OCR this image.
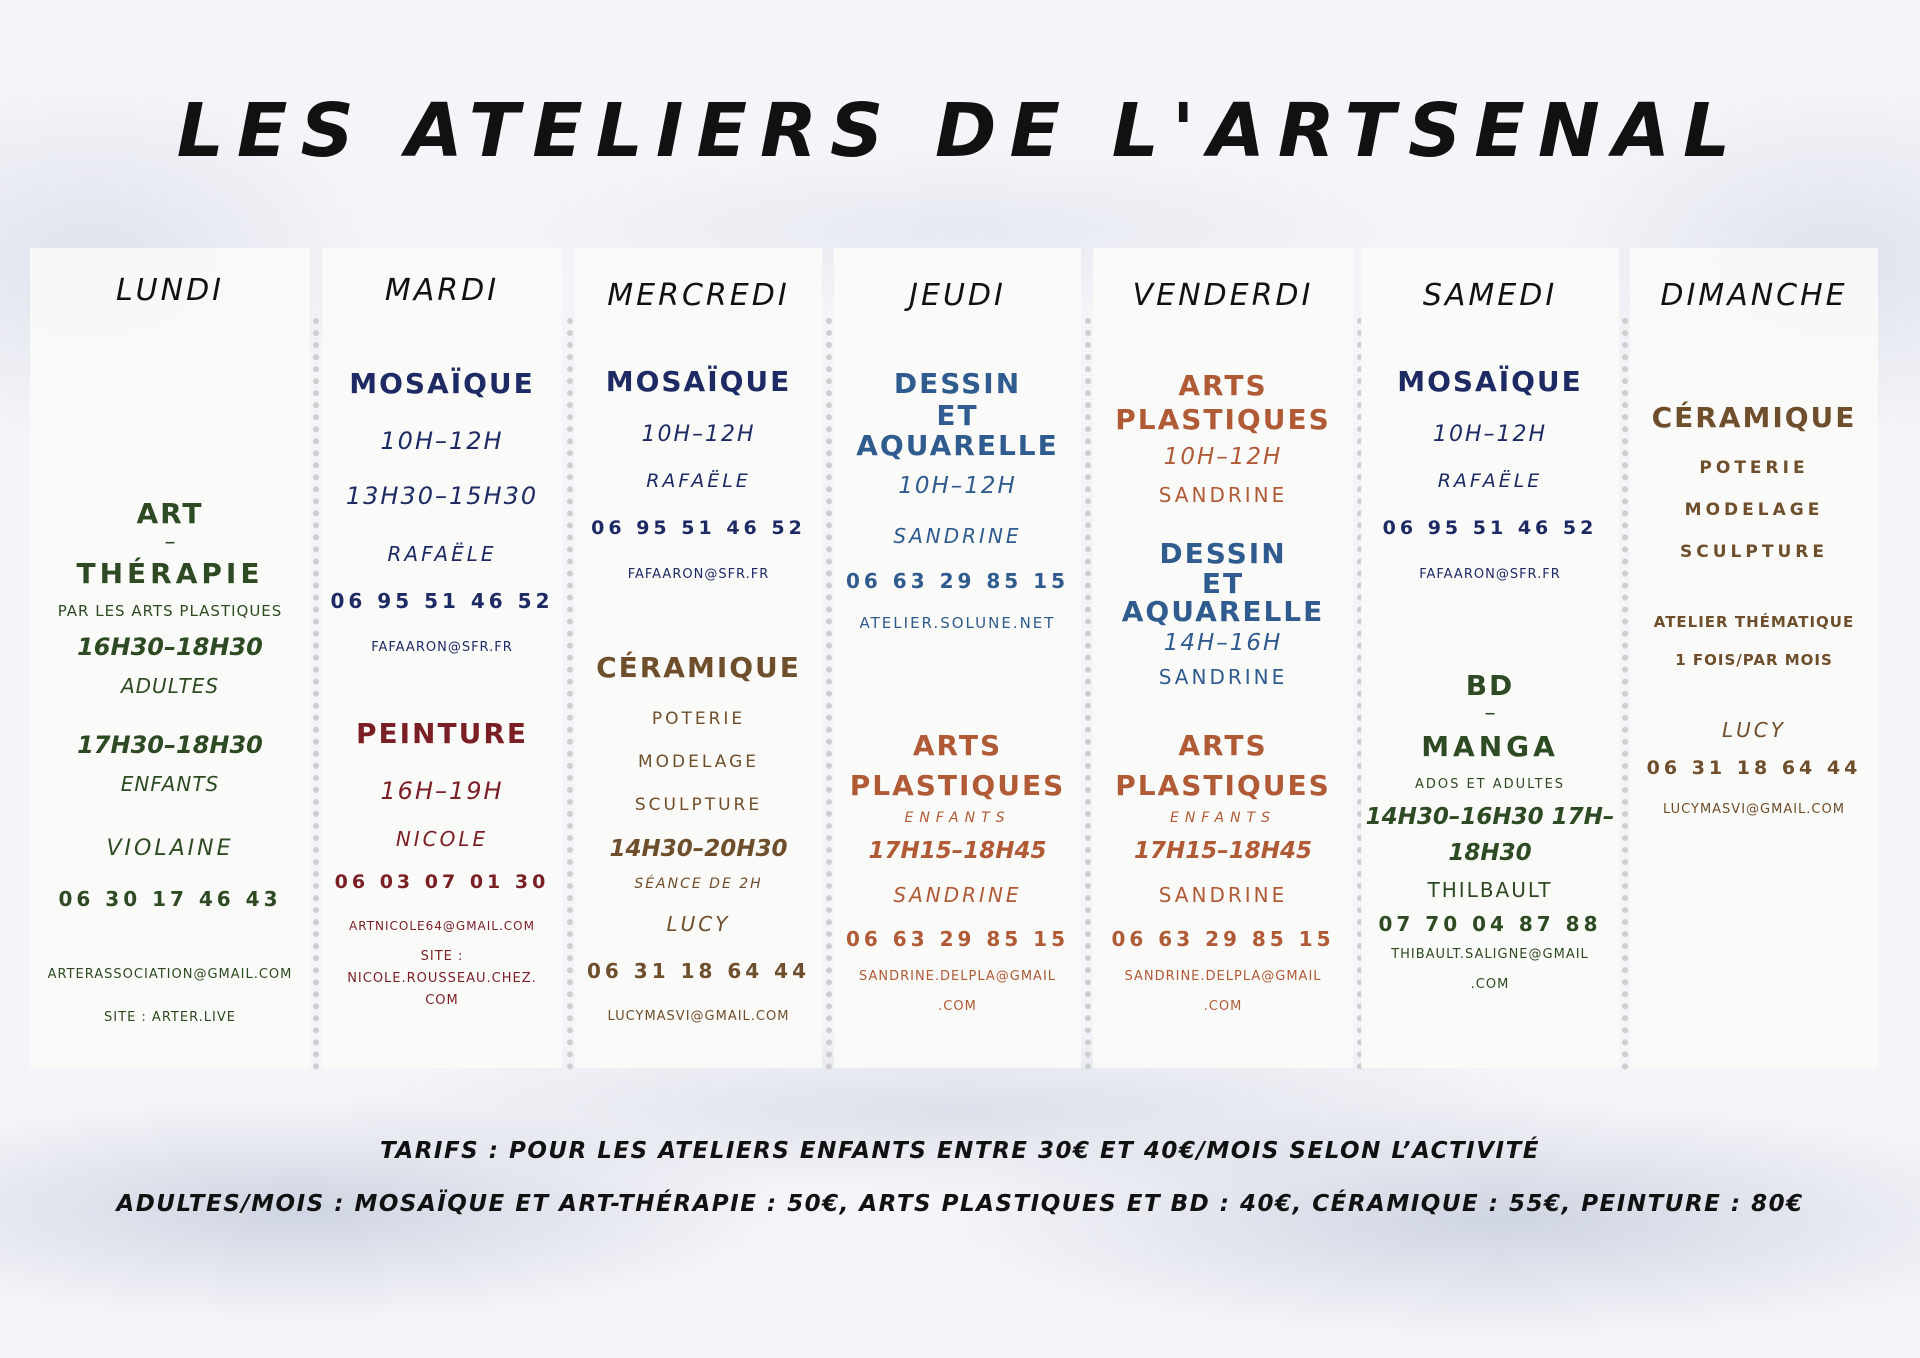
LES ATELIERS DE L'ARTSENAL
LUNDI
ART
–
THÉRAPIE
PAR LES ARTS PLASTIQUES
16H30–18H30
ADULTES
17H30–18H30
ENFANTS
VIOLAINE
06 30 17 46 43
ARTERASSOCIATION@GMAIL.COM
SITE : ARTER.LIVE
MARDI
MOSAÏQUE
10H–12H
13H30–15H30
RAFAËLE
06 95 51 46 52
FAFAARON@SFR.FR
PEINTURE
16H–19H
NICOLE
06 03 07 01 30
ARTNICOLE64@GMAIL.COM
SITE :
NICOLE.ROUSSEAU.CHEZ.
COM
MERCREDI
MOSAÏQUE
10H–12H
RAFAËLE
06 95 51 46 52
FAFAARON@SFR.FR
CÉRAMIQUE
POTERIE
MODELAGE
SCULPTURE
14H30–20H30
SÉANCE DE 2H
LUCY
06 31 18 64 44
LUCYMASVI@GMAIL.COM
JEUDI
DESSIN
ET
AQUARELLE
10H–12H
SANDRINE
06 63 29 85 15
ATELIER.SOLUNE.NET
ARTS
PLASTIQUES
ENFANTS
17H15–18H45
SANDRINE
06 63 29 85 15
SANDRINE.DELPLA@GMAIL
.COM
VENDERDI
ARTS
PLASTIQUES
10H–12H
SANDRINE
DESSIN
ET
AQUARELLE
14H–16H
SANDRINE
ARTS
PLASTIQUES
ENFANTS
17H15–18H45
SANDRINE
06 63 29 85 15
SANDRINE.DELPLA@GMAIL
.COM
SAMEDI
MOSAÏQUE
10H–12H
RAFAËLE
06 95 51 46 52
FAFAARON@SFR.FR
BD
–
MANGA
ADOS ET ADULTES
14H30–16H30 17H–
18H30
THILBAULT
07 70 04 87 88
THIBAULT.SALIGNE@GMAIL
.COM
DIMANCHE
CÉRAMIQUE
POTERIE
MODELAGE
SCULPTURE
ATELIER THÉMATIQUE
1 FOIS/PAR MOIS
LUCY
06 31 18 64 44
LUCYMASVI@GMAIL.COM
TARIFS : POUR LES ATELIERS ENFANTS ENTRE 30€ ET 40€/MOIS SELON L’ACTIVITÉ
ADULTES/MOIS : MOSAÏQUE ET ART-THÉRAPIE : 50€, ARTS PLASTIQUES ET BD : 40€, CÉRAMIQUE : 55€, PEINTURE : 80€
